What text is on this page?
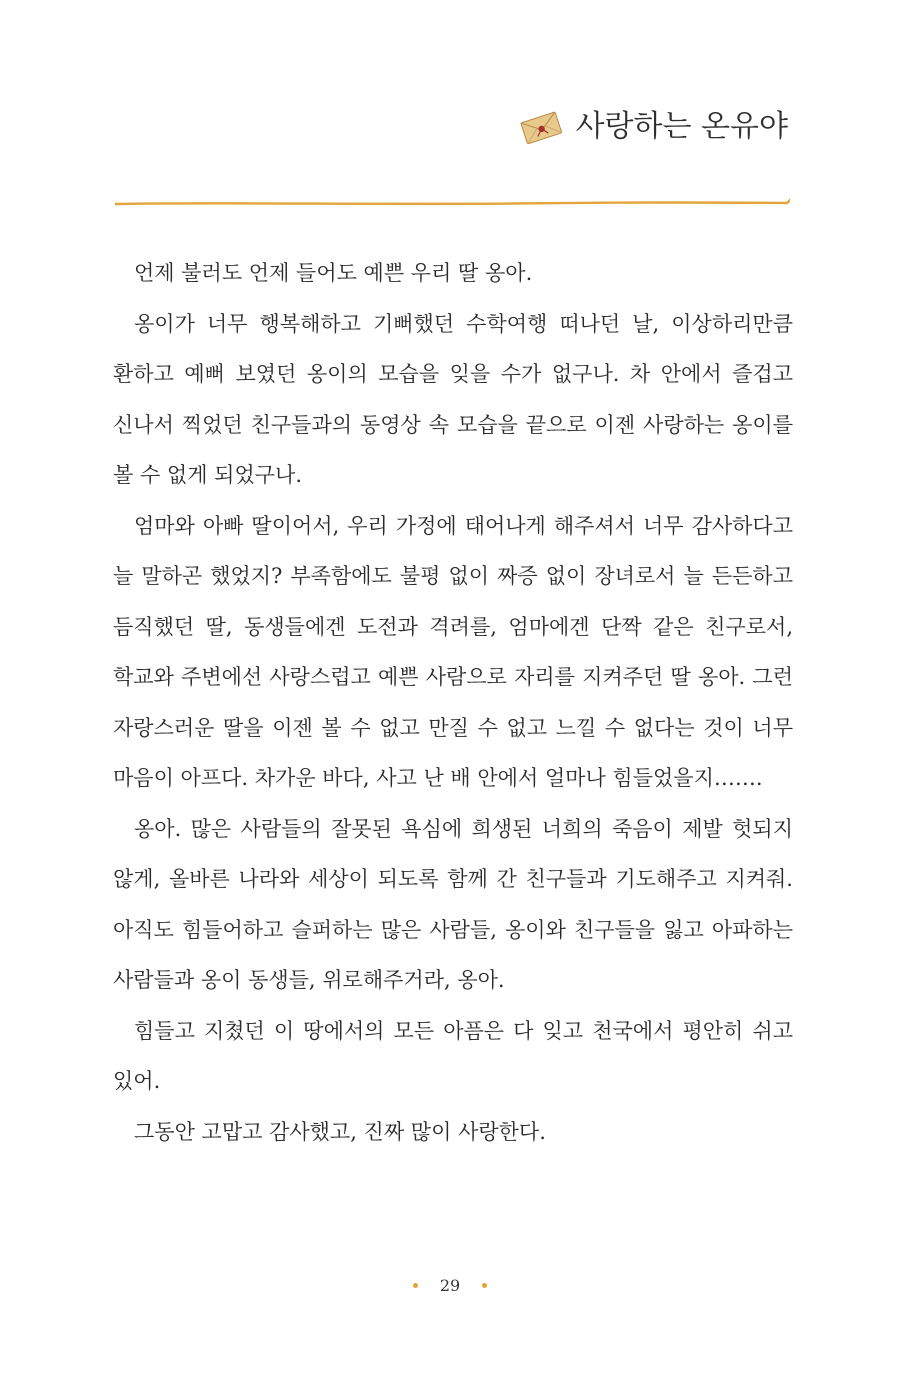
사랑하는 온유야

언제 불러도 언제 들어도 예쁜 우리 딸 옹아.

옹이가 너무 행복해하고 기뻐했던 수학여행 떠나던 날, 이상하리만큼 환하고 예뻐 보였던 옹이의 모습을 잊을 수가 없구나. 차 안에서 즐겁고 신나서 찍었던 친구들과의 동영상 속 모습을 끝으로 이젠 사랑하는 옹이를 볼 수 없게 되었구나.

엄마와 아빠 딸이어서, 우리 가정에 태어나게 해주셔서 너무 감사하다고 늘 말하곤 했었지? 부족함에도 불평 없이 짜증 없이 장녀로서 늘 든든하고 듬직했던 딸, 동생들에겐 도전과 격려를, 엄마에겐 단짝 같은 친구로서, 학교와 주변에선 사랑스럽고 예쁜 사람으로 자리를 지켜주던 딸 옹아. 그런 자랑스러운 딸을 이젠 볼 수 없고 만질 수 없고 느낄 수 없다는 것이 너무 마음이 아프다. 차가운 바다, 사고 난 배 안에서 얼마나 힘들었을지…….

옹아. 많은 사람들의 잘못된 욕심에 희생된 너희의 죽음이 제발 헛되지 않게, 올바른 나라와 세상이 되도록 함께 간 친구들과 기도해주고 지켜줘. 아직도 힘들어하고 슬퍼하는 많은 사람들, 옹이와 친구들을 잃고 아파하는 사람들과 옹이 동생들, 위로해주거라, 옹아.

힘들고 지쳤던 이 땅에서의 모든 아픔은 다 잊고 천국에서 평안히 쉬고 있어.

그동안 고맙고 감사했고, 진짜 많이 사랑한다.

29
